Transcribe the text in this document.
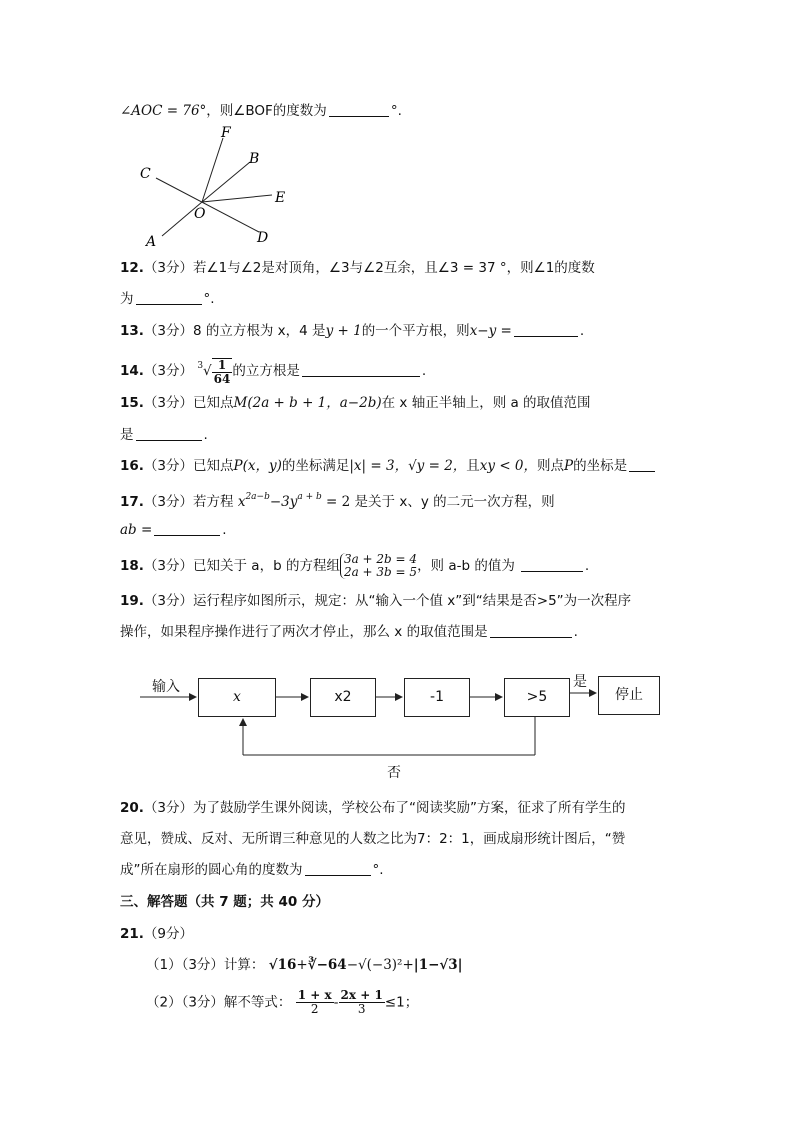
∠AOC = 76°，则∠BOF的度数为	°.
F
B
C
E
O
A	D
12.（3分）若∠1与∠2是对顶角，∠3与∠2互余，且∠3 = 37 °，则∠1的度数
为	°.
13.（3分）8 的立方根为 x，4 是y + 1的一个平方根，则x−y =	.
14.（3分） $^3√ \frac{1}{64}$ 的立方根是	.
15.（3分）已知点M(2a + b + 1，a−2b)在 x 轴正半轴上，则 a 的取值范围
是	.
16.（3分）已知点P(x，y)的坐标满足|x| = 3，√y = 2，且xy < 0，则点P的坐标是
17.（3分）若方程 $x^{2a-b}-3y^{a + b} = 2$ 是关于 x、y 的二元一次方程，则
ab =	.
18.（3分）已知关于 a，b 的方程组 3a + 2b = 4
2a + 3b = 5 ，则 a-b 的值为	.
19.（3分）运行程序如图所示，规定：从“输入一个值 x”到“结果是否>5”为一次程序
操作，如果程序操作进行了两次才停止，那么 x 的取值范围是	.
输入
x	x2	-1	>5
是
停止
否
20.（3分）为了鼓励学生课外阅读，学校公布了“阅读奖励”方案，征求了所有学生的
意见，赞成、反对、无所谓三种意见的人数之比为7：2：1，画成扇形统计图后，“赞
成”所在扇形的圆心角的度数为	°.
三、解答题（共 7 题；共 40 分）
21.（9分）
（1）（3分）计算： √16+∛−64−√(−3)²+|1−√3|
（2）（3分）解不等式： $\frac{1 + x}{2} - \frac{2x + 1}{3} \le 1$；
